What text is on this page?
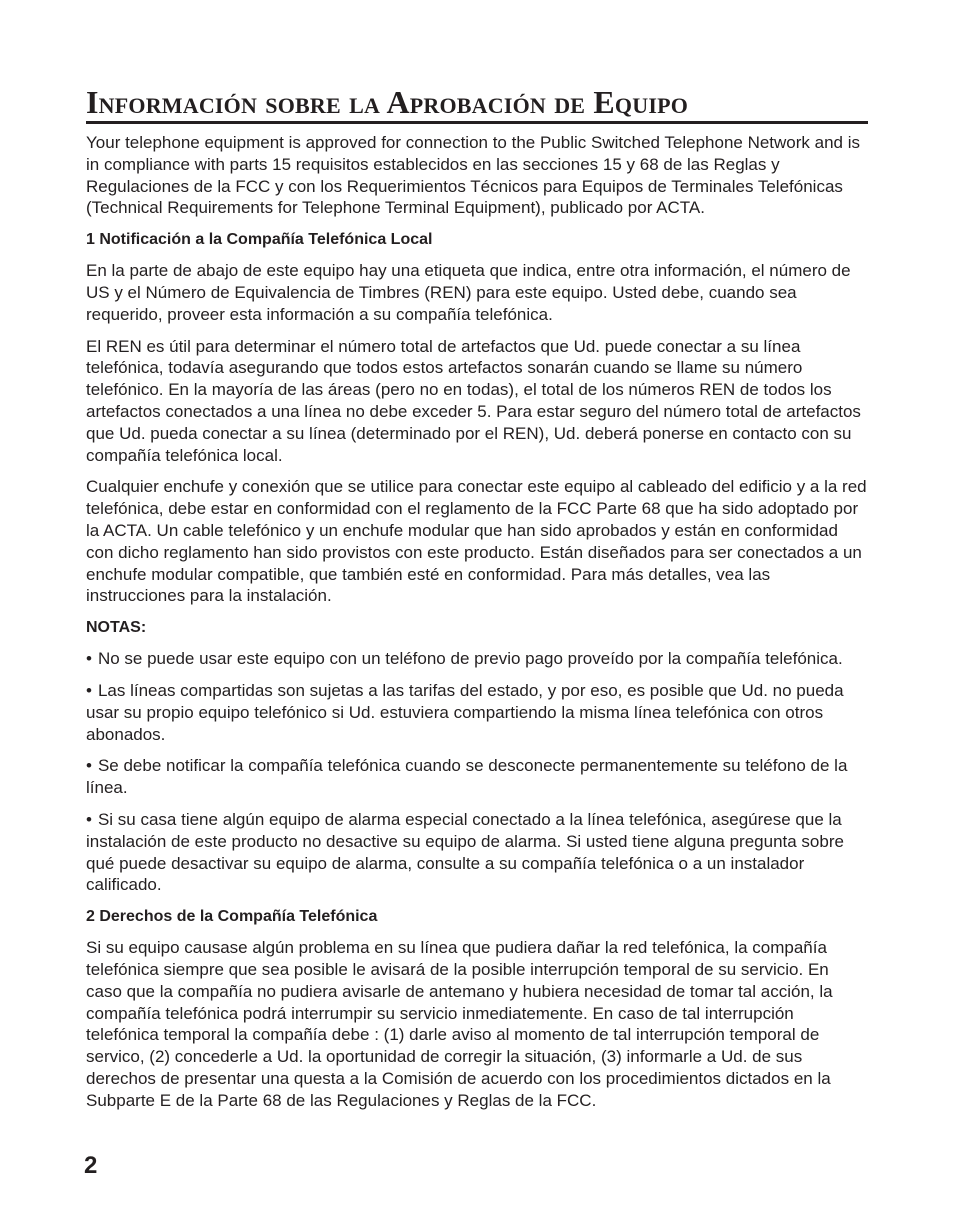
Información sobre la Aprobación de Equipo

Your telephone equipment is approved for connection to the Public Switched Telephone Network and is in compliance with parts 15 requisitos establecidos en las secciones 15 y 68 de las Reglas y Regulaciones de la FCC y con los Requerimientos Técnicos para Equipos de Terminales Telefónicas (Technical Requirements for Telephone Terminal Equipment), publicado por ACTA.

1 Notificación a la Compañía Telefónica Local

En la parte de abajo de este equipo hay una etiqueta que indica, entre otra información, el número de US y el Número de Equivalencia de Timbres (REN) para este equipo. Usted debe, cuando sea requerido, proveer esta información a su compañía telefónica.

El REN es útil para determinar el número total de artefactos que Ud. puede conectar a su línea telefónica, todavía asegurando que todos estos artefactos sonarán cuando se llame su número telefónico. En la mayoría de las áreas (pero no en todas), el total de los números REN de todos los artefactos conectados a una línea no debe exceder 5. Para estar seguro del número total de artefactos que Ud. pueda conectar a su línea (determinado por el REN), Ud. deberá ponerse en contacto con su compañía telefónica local.

Cualquier enchufe y conexión que se utilice para conectar este equipo al cableado del edificio y a la red telefónica, debe estar en conformidad con el reglamento de la FCC Parte 68 que ha sido adoptado por la ACTA. Un cable telefónico y un enchufe modular que han sido aprobados y están en conformidad con dicho reglamento han sido provistos con este producto. Están diseñados para ser conectados a un enchufe modular compatible, que también esté en conformidad. Para más detalles, vea las instrucciones para la instalación.

NOTAS:

• No se puede usar este equipo con un teléfono de previo pago proveído por la compañía telefónica.

• Las líneas compartidas son sujetas a las tarifas del estado, y por eso, es posible que Ud. no pueda usar su propio equipo telefónico si Ud. estuviera compartiendo la misma línea telefónica con otros abonados.

• Se debe notificar la compañía telefónica cuando se desconecte permanentemente su teléfono de la línea.

• Si su casa tiene algún equipo de alarma especial conectado a la línea telefónica, asegúrese que la instalación de este producto no desactive su equipo de alarma. Si usted tiene alguna pregunta sobre qué puede desactivar su equipo de alarma, consulte a su compañía telefónica o a un instalador calificado.

2 Derechos de la Compañía Telefónica

Si su equipo causase algún problema en su línea que pudiera dañar la red telefónica, la compañía telefónica siempre que sea posible le avisará de la posible interrupción temporal de su servicio. En caso que la compañía no pudiera avisarle de antemano y hubiera necesidad de tomar tal acción, la compañía telefónica podrá interrumpir su servicio inmediatemente. En caso de tal interrupción telefónica temporal la compañía debe : (1) darle aviso al momento de tal interrupción temporal de servico, (2) concederle a Ud. la oportunidad de corregir la situación, (3) informarle a Ud. de sus derechos de presentar una questa a la Comisión de acuerdo con los procedimientos dictados en la Subparte E de la Parte 68 de las Regulaciones y Reglas de la FCC.

2
